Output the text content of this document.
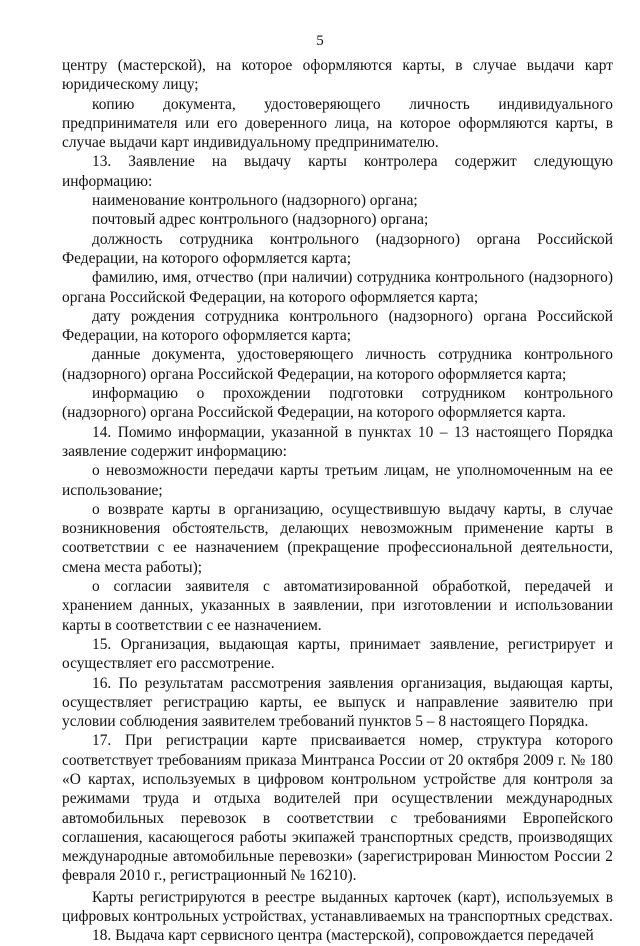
5

центру (мастерской), на которое оформляются карты, в случае выдачи карт юридическому лицу;

копию документа, удостоверяющего личность индивидуального предпринимателя или его доверенного лица, на которое оформляются карты, в случае выдачи карт индивидуальному предпринимателю.

13. Заявление на выдачу карты контролера содержит следующую информацию:

наименование контрольного (надзорного) органа;

почтовый адрес контрольного (надзорного) органа;

должность сотрудника контрольного (надзорного) органа Российской Федерации, на которого оформляется карта;

фамилию, имя, отчество (при наличии) сотрудника контрольного (надзорного) органа Российской Федерации, на которого оформляется карта;

дату рождения сотрудника контрольного (надзорного) органа Российской Федерации, на которого оформляется карта;

данные документа, удостоверяющего личность сотрудника контрольного (надзорного) органа Российской Федерации, на которого оформляется карта;

информацию о прохождении подготовки сотрудником контрольного (надзорного) органа Российской Федерации, на которого оформляется карта.

14. Помимо информации, указанной в пунктах 10 – 13 настоящего Порядка заявление содержит информацию:

о невозможности передачи карты третьим лицам, не уполномоченным на ее использование;

о возврате карты в организацию, осуществившую выдачу карты, в случае возникновения обстоятельств, делающих невозможным применение карты в соответствии с ее назначением (прекращение профессиональной деятельности, смена места работы);

о согласии заявителя с автоматизированной обработкой, передачей и хранением данных, указанных в заявлении, при изготовлении и использовании карты в соответствии с ее назначением.

15. Организация, выдающая карты, принимает заявление, регистрирует и осуществляет его рассмотрение.

16. По результатам рассмотрения заявления организация, выдающая карты, осуществляет регистрацию карты, ее выпуск и направление заявителю при условии соблюдения заявителем требований пунктов 5 – 8 настоящего Порядка.

17. При регистрации карте присваивается номер, структура которого соответствует требованиям приказа Минтранса России от 20 октября 2009 г. № 180 «О картах, используемых в цифровом контрольном устройстве для контроля за режимами труда и отдыха водителей при осуществлении международных автомобильных перевозок в соответствии с требованиями Европейского соглашения, касающегося работы экипажей транспортных средств, производящих международные автомобильные перевозки» (зарегистрирован Минюстом России 2 февраля 2010 г., регистрационный № 16210).

Карты регистрируются в реестре выданных карточек (карт), используемых в цифровых контрольных устройствах, устанавливаемых на транспортных средствах.

18. Выдача карт сервисного центра (мастерской), сопровождается передачей
